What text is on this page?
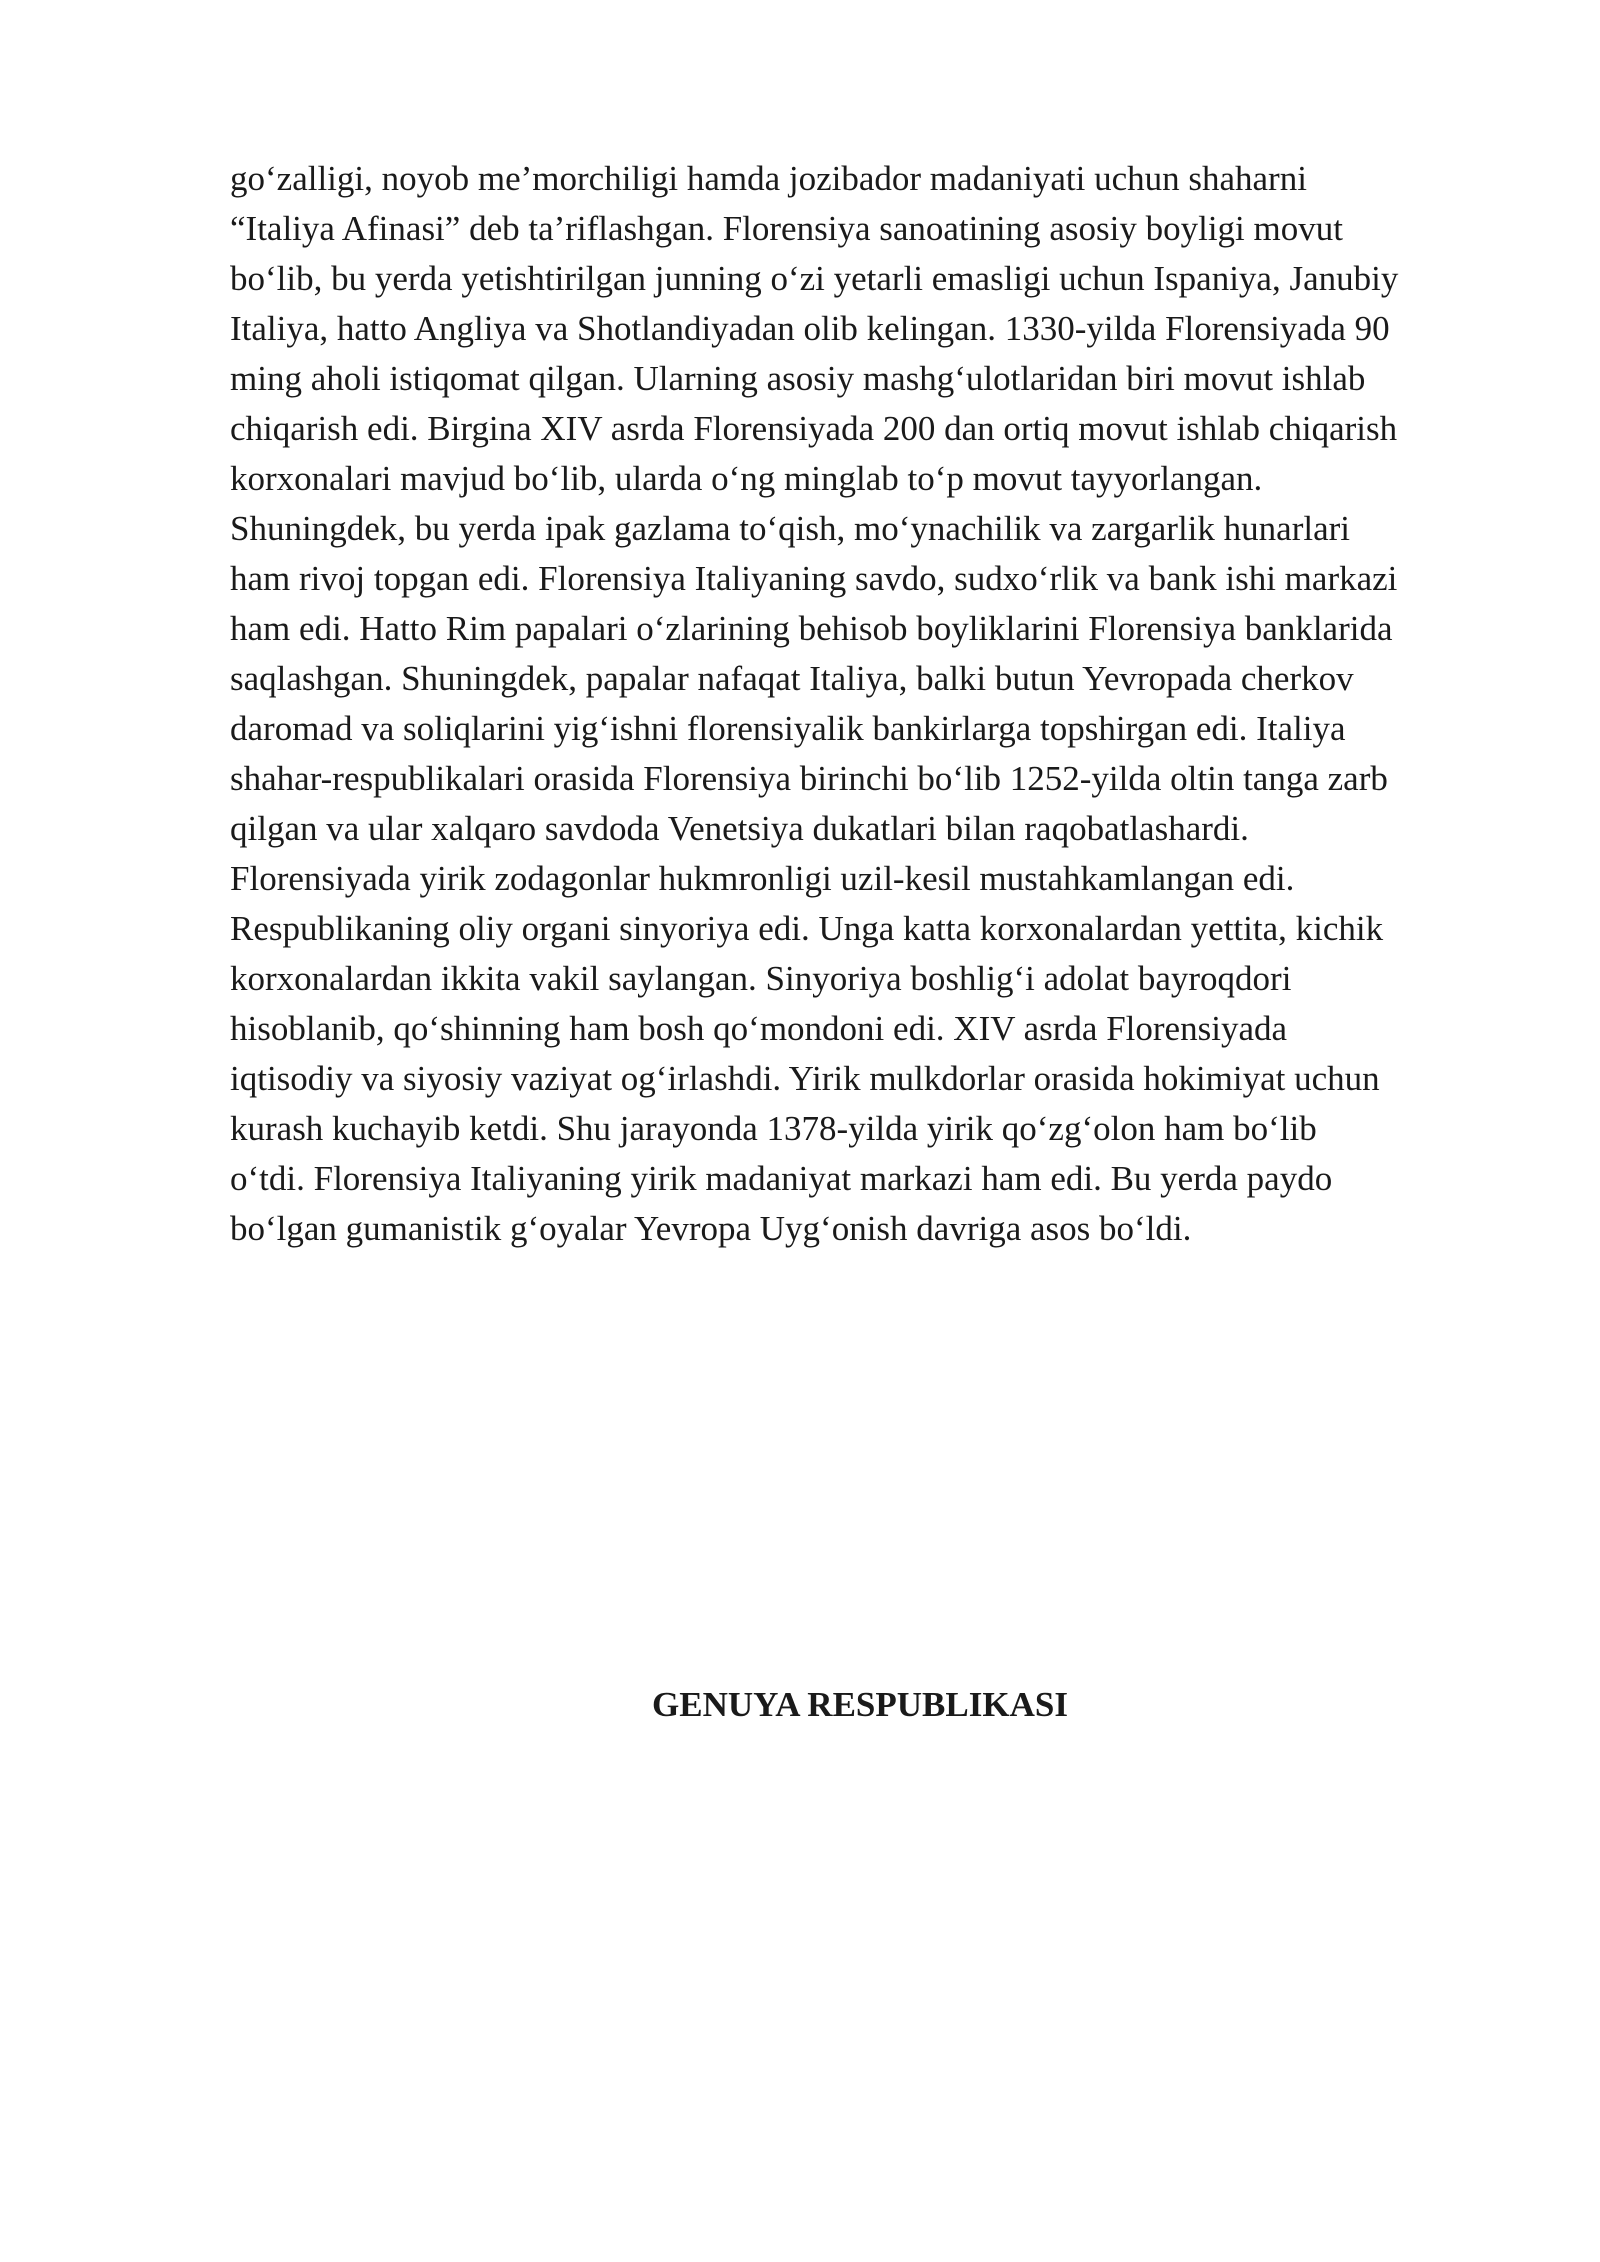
go‘zalligi, noyob me’morchiligi hamda jozibador madaniyati uchun shaharni
“Italiya Afinasi” deb ta’riflashgan. Florensiya sanoatining asosiy boyligi movut
bo‘lib, bu yerda yetishtirilgan junning o‘zi yetarli emasligi uchun Ispaniya, Janubiy
Italiya, hatto Angliya va Shotlandiyadan olib kelingan. 1330-yilda Florensiyada 90
ming aholi istiqomat qilgan. Ularning asosiy mashg‘ulotlaridan biri movut ishlab
chiqarish edi. Birgina XIV asrda Florensiyada 200 dan ortiq movut ishlab chiqarish
korxonalari mavjud bo‘lib, ularda o‘ng minglab to‘p movut tayyorlangan.
Shuningdek, bu yerda ipak gazlama to‘qish, mo‘ynachilik va zargarlik hunarlari
ham rivoj topgan edi. Florensiya Italiyaning savdo, sudxo‘rlik va bank ishi markazi
ham edi. Hatto Rim papalari o‘zlarining behisob boyliklarini Florensiya banklarida
saqlashgan. Shuningdek, papalar nafaqat Italiya, balki butun Yevropada cherkov
daromad va soliqlarini yig‘ishni florensiyalik bankirlarga topshirgan edi. Italiya
shahar-respublikalari orasida Florensiya birinchi bo‘lib 1252-yilda oltin tanga zarb
qilgan va ular xalqaro savdoda Venetsiya dukatlari bilan raqobatlashardi.
Florensiyada yirik zodagonlar hukmronligi uzil-kesil mustahkamlangan edi.
Respublikaning oliy organi sinyoriya edi. Unga katta korxonalardan yettita, kichik
korxonalardan ikkita vakil saylangan. Sinyoriya boshlig‘i adolat bayroqdori
hisoblanib, qo‘shinning ham bosh qo‘mondoni edi. XIV asrda Florensiyada
iqtisodiy va siyosiy vaziyat og‘irlashdi. Yirik mulkdorlar orasida hokimiyat uchun
kurash kuchayib ketdi. Shu jarayonda 1378-yilda yirik qo‘zg‘olon ham bo‘lib
o‘tdi. Florensiya Italiyaning yirik madaniyat markazi ham edi. Bu yerda paydo
bo‘lgan gumanistik g‘oyalar Yevropa Uyg‘onish davriga asos bo‘ldi.
GENUYA RESPUBLIKASI
